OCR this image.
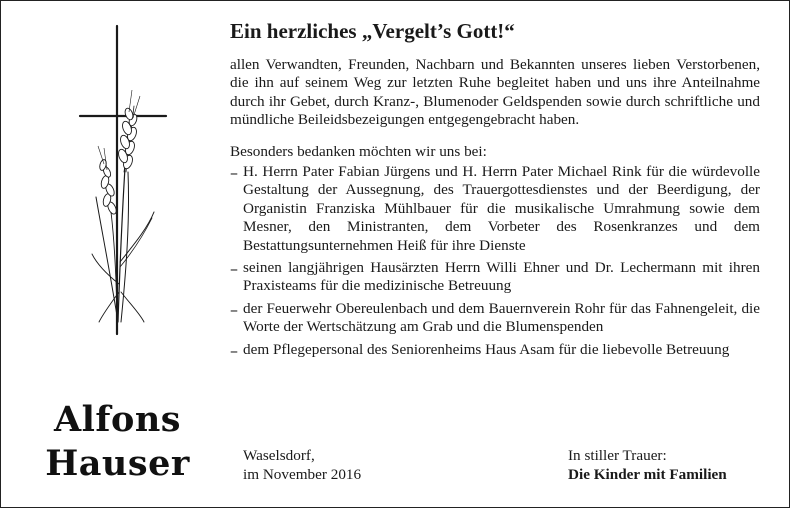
Alfons
Hauser
Ein herzliches „Vergelt’s Gott!“

allen Verwandten, Freunden, Nachbarn und Bekannten unseres lieben Verstorbenen, die ihn auf seinem Weg zur letzten Ruhe begleitet haben und uns ihre Anteilnahme durch ihr Gebet, durch Kranz-, Blumenoder Geldspenden sowie durch schriftliche und mündliche Beileidsbezeigungen entgegengebracht haben.

Besonders bedanken möchten wir uns bei:

– H. Herrn Pater Fabian Jürgens und H. Herrn Pater Michael Rink für die würdevolle Gestaltung der Aussegnung, des Trauergottesdienstes und der Beerdigung, der Organistin Franziska Mühlbauer für die musikalische Umrahmung sowie dem Mesner, den Ministranten, dem Vorbeter des Rosenkranzes und dem Bestattungsunternehmen Heiß für ihre Dienste
– seinen langjährigen Hausärzten Herrn Willi Ehner und Dr. Lechermann mit ihren Praxisteams für die medizinische Betreuung
– der Feuerwehr Obereulenbach und dem Bauernverein Rohr für das Fahnengeleit, die Worte der Wertschätzung am Grab und die Blumenspenden
– dem Pflegepersonal des Seniorenheims Haus Asam für die liebevolle Betreuung
Waselsdorf,
im November 2016
In stiller Trauer:
Die Kinder mit Familien
